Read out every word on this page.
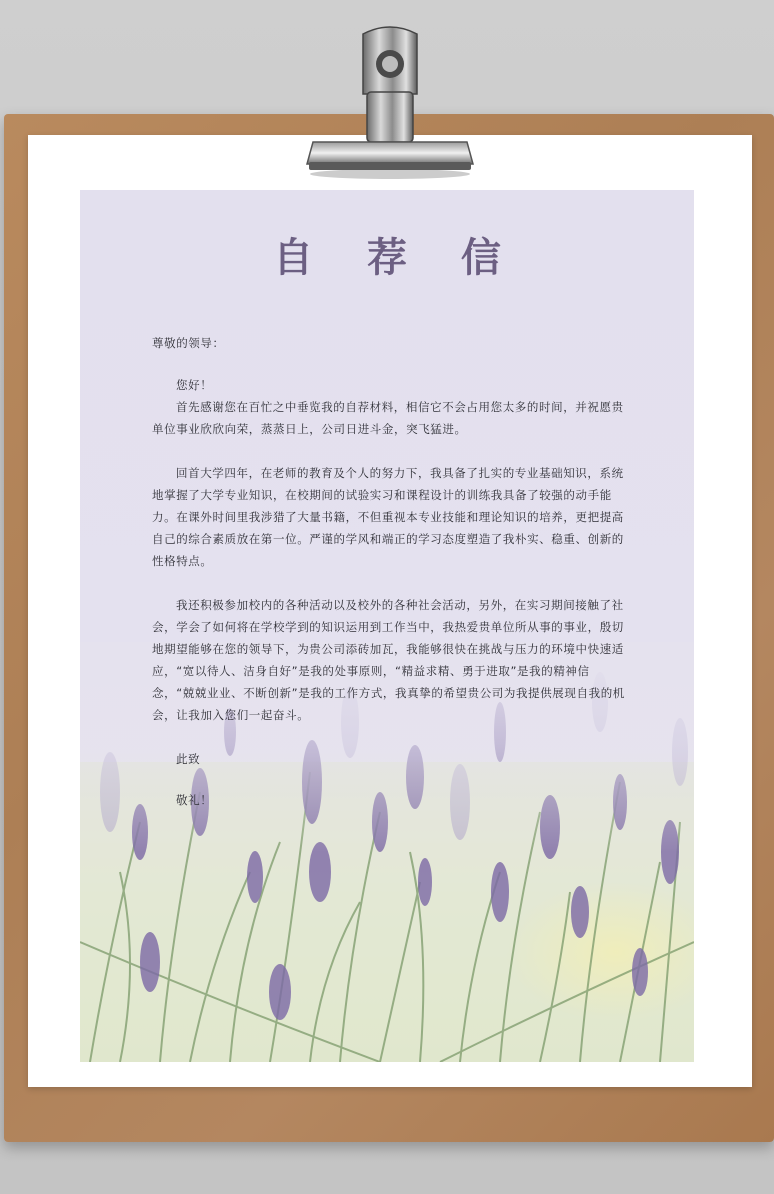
自 荐 信
尊敬的领导：

您好！

首先感谢您在百忙之中垂览我的自荐材料，相信它不会占用您太多的时间，并祝愿贵单位事业欣欣向荣，蒸蒸日上，公司日进斗金，突飞猛进。

回首大学四年，在老师的教育及个人的努力下，我具备了扎实的专业基础知识，系统地掌握了大学专业知识，在校期间的试验实习和课程设计的训练我具备了较强的动手能力。在课外时间里我涉猎了大量书籍，不但重视本专业技能和理论知识的培养，更把提高自己的综合素质放在第一位。严谨的学风和端正的学习态度塑造了我朴实、稳重、创新的性格特点。

我还积极参加校内的各种活动以及校外的各种社会活动，另外，在实习期间接触了社会，学会了如何将在学校学到的知识运用到工作当中，我热爱贵单位所从事的事业，殷切地期望能够在您的领导下，为贵公司添砖加瓦，我能够很快在挑战与压力的环境中快速适应，“宽以待人、洁身自好”是我的处事原则，“精益求精、勇于进取”是我的精神信念，“兢兢业业、不断创新”是我的工作方式，我真挚的希望贵公司为我提供展现自我的机会，让我加入您们一起奋斗。

此致

敬礼！
